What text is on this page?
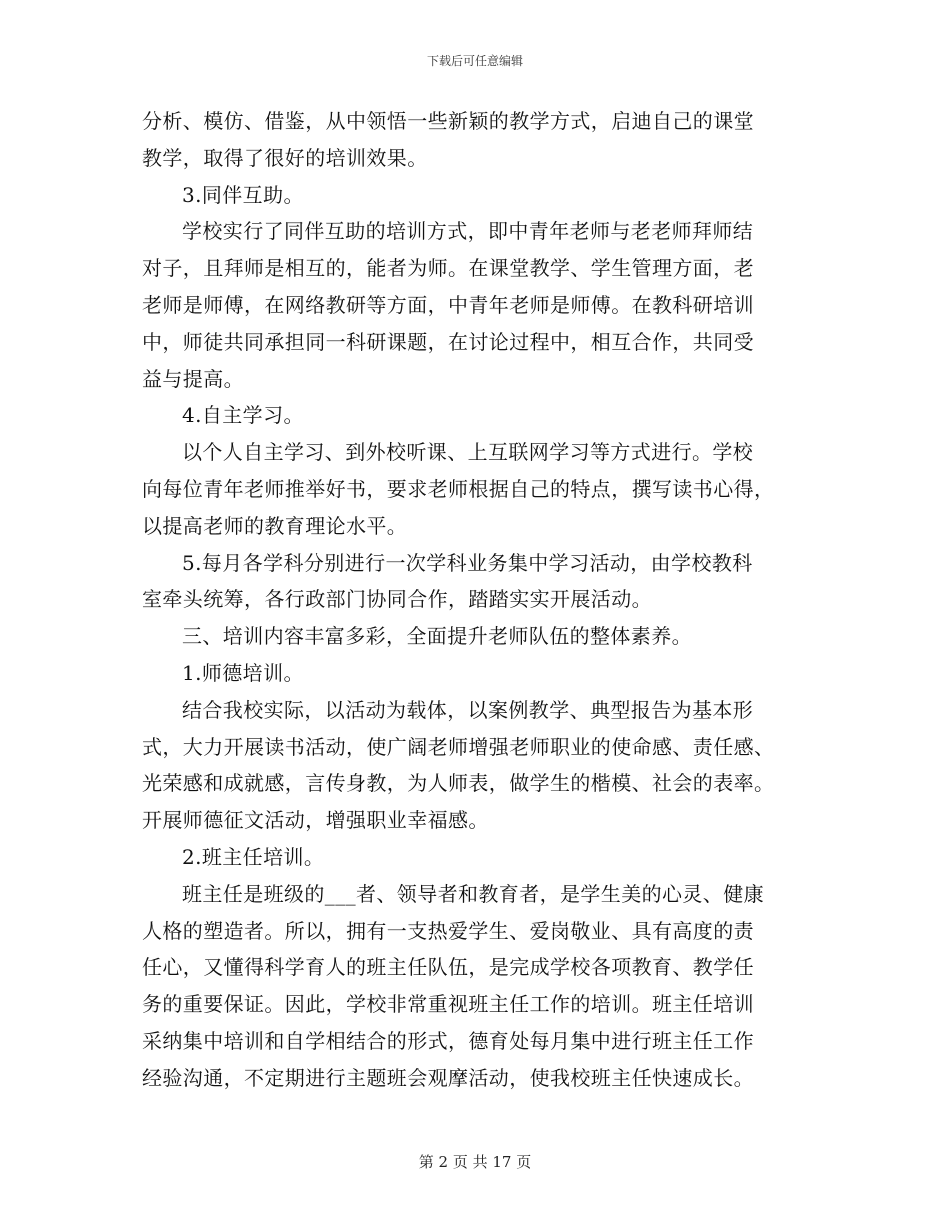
下载后可任意编辑
分析、模仿、借鉴，从中领悟一些新颖的教学方式，启迪自己的课堂
教学，取得了很好的培训效果。
3.同伴互助。
学校实行了同伴互助的培训方式，即中青年老师与老老师拜师结
对子，且拜师是相互的，能者为师。在课堂教学、学生管理方面，老
老师是师傅，在网络教研等方面，中青年老师是师傅。在教科研培训
中，师徒共同承担同一科研课题，在讨论过程中，相互合作，共同受
益与提高。
4.自主学习。
以个人自主学习、到外校听课、上互联网学习等方式进行。学校
向每位青年老师推举好书，要求老师根据自己的特点，撰写读书心得，
以提高老师的教育理论水平。
5.每月各学科分别进行一次学科业务集中学习活动，由学校教科
室牵头统筹，各行政部门协同合作，踏踏实实开展活动。
三、培训内容丰富多彩，全面提升老师队伍的整体素养。
1.师德培训。
结合我校实际，以活动为载体，以案例教学、典型报告为基本形
式，大力开展读书活动，使广阔老师增强老师职业的使命感、责任感、
光荣感和成就感，言传身教，为人师表，做学生的楷模、社会的表率。
开展师德征文活动，增强职业幸福感。
2.班主任培训。
班主任是班级的___者、领导者和教育者，是学生美的心灵、健康
人格的塑造者。所以，拥有一支热爱学生、爱岗敬业、具有高度的责
任心，又懂得科学育人的班主任队伍，是完成学校各项教育、教学任
务的重要保证。因此，学校非常重视班主任工作的培训。班主任培训
采纳集中培训和自学相结合的形式，德育处每月集中进行班主任工作
经验沟通，不定期进行主题班会观摩活动，使我校班主任快速成长。
第 2 页 共 17 页
